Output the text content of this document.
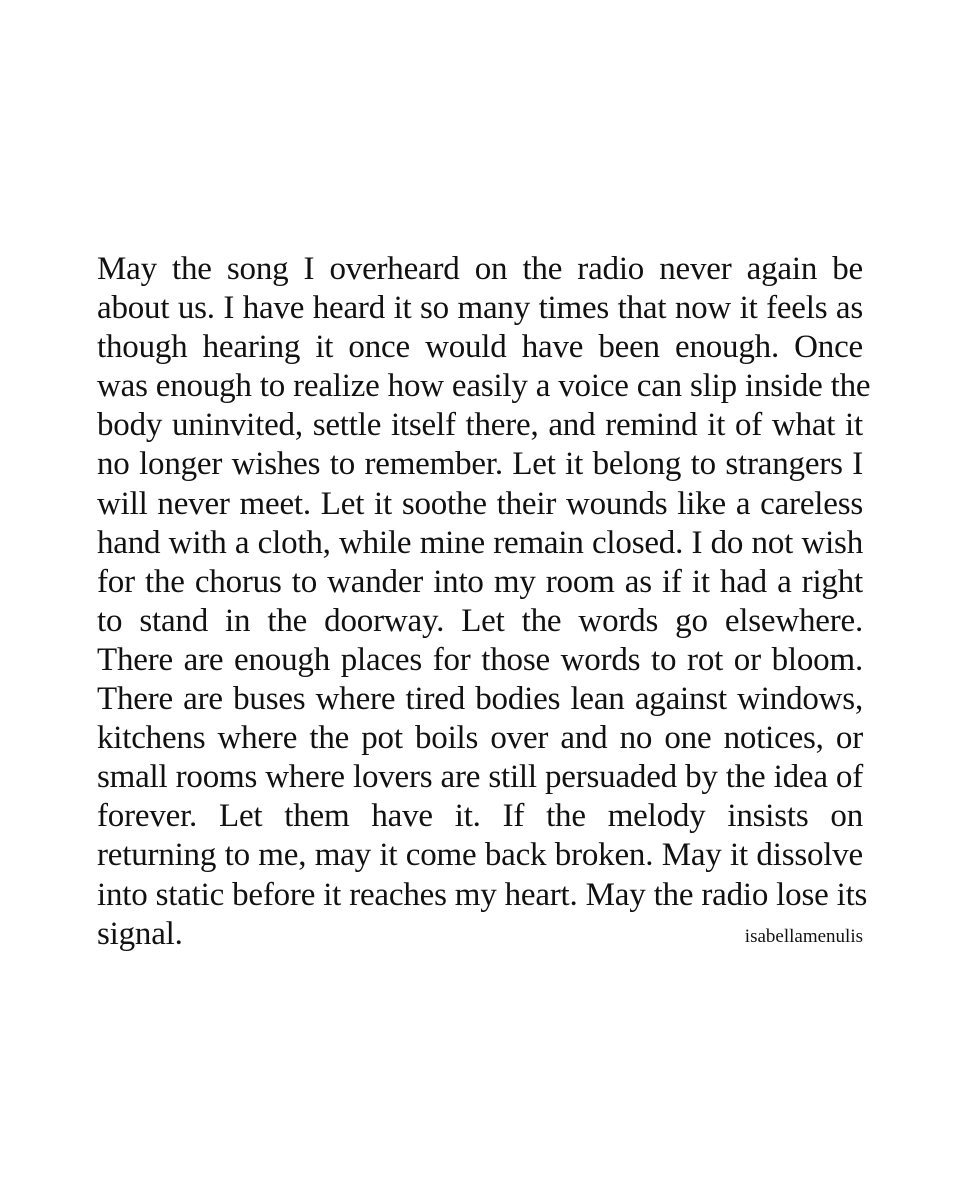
May the song I overheard on the radio never again be
about us. I have heard it so many times that now it feels as
though hearing it once would have been enough. Once
was enough to realize how easily a voice can slip inside the
body uninvited, settle itself there, and remind it of what it
no longer wishes to remember. Let it belong to strangers I
will never meet. Let it soothe their wounds like a careless
hand with a cloth, while mine remain closed. I do not wish
for the chorus to wander into my room as if it had a right
to stand in the doorway. Let the words go elsewhere.
There are enough places for those words to rot or bloom.
There are buses where tired bodies lean against windows,
kitchens where the pot boils over and no one notices, or
small rooms where lovers are still persuaded by the idea of
forever. Let them have it. If the melody insists on
returning to me, may it come back broken. May it dissolve
into static before it reaches my heart. May the radio lose its
signal.	isabellamenulis
